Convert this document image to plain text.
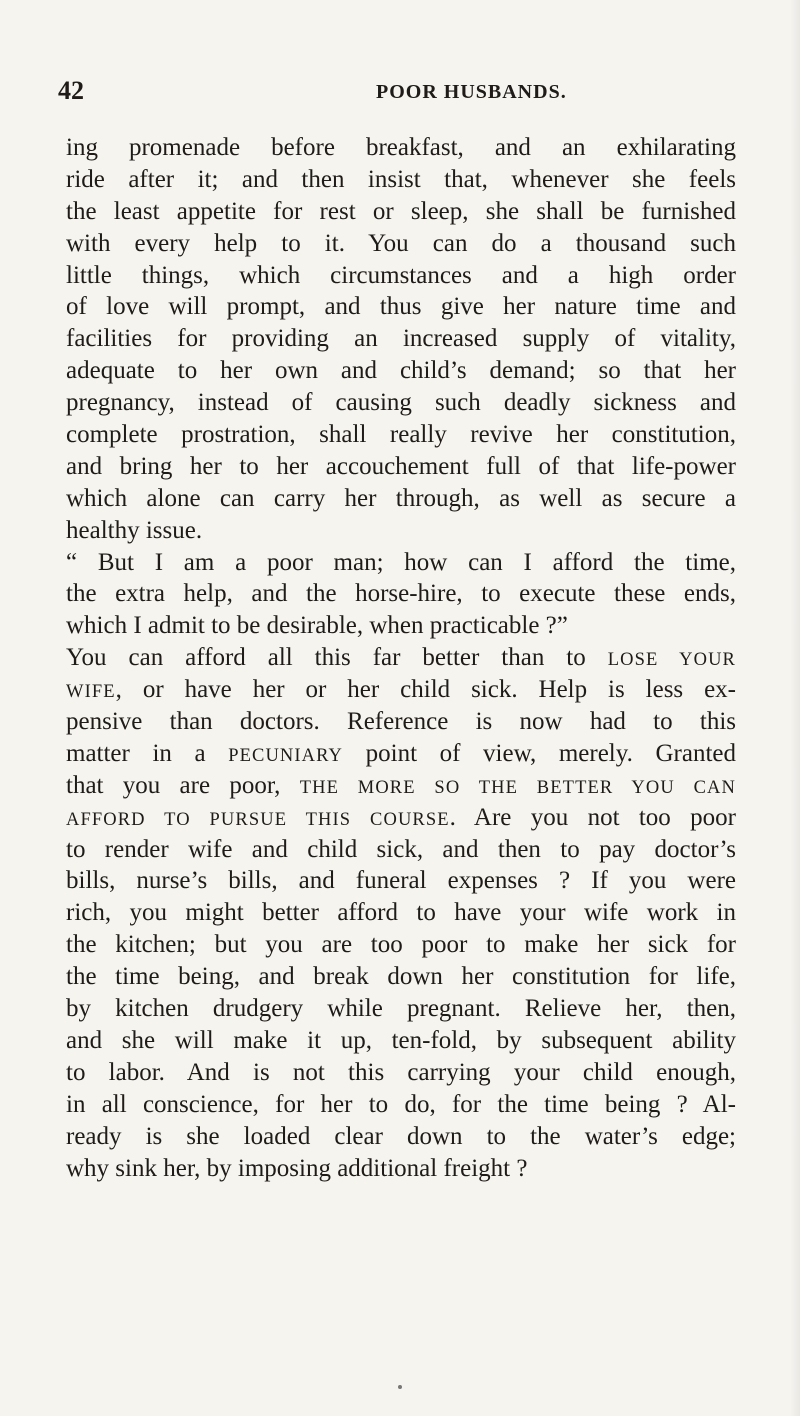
42	POOR HUSBANDS.
ing promenade before breakfast, and an exhilarating
ride after it; and then insist that, whenever she feels
the least appetite for rest or sleep, she shall be furnished
with every help to it. You can do a thousand such
little things, which circumstances and a high order
of love will prompt, and thus give her nature time and
facilities for providing an increased supply of vitality,
adequate to her own and child’s demand; so that her
pregnancy, instead of causing such deadly sickness and
complete prostration, shall really revive her constitution,
and bring her to her accouchement full of that life-power
which alone can carry her through, as well as secure a
healthy issue.
“ But I am a poor man; how can I afford the time,
the extra help, and the horse-hire, to execute these ends,
which I admit to be desirable, when practicable ?”
You can afford all this far better than to LOSE YOUR
WIFE, or have her or her child sick. Help is less ex-
pensive than doctors. Reference is now had to this
matter in a PECUNIARY point of view, merely. Granted
that you are poor, THE MORE SO THE BETTER YOU CAN
AFFORD TO PURSUE THIS COURSE. Are you not too poor
to render wife and child sick, and then to pay doctor’s
bills, nurse’s bills, and funeral expenses ? If you were
rich, you might better afford to have your wife work in
the kitchen; but you are too poor to make her sick for
the time being, and break down her constitution for life,
by kitchen drudgery while pregnant. Relieve her, then,
and she will make it up, ten-fold, by subsequent ability
to labor. And is not this carrying your child enough,
in all conscience, for her to do, for the time being ? Al-
ready is she loaded clear down to the water’s edge;
why sink her, by imposing additional freight ?
